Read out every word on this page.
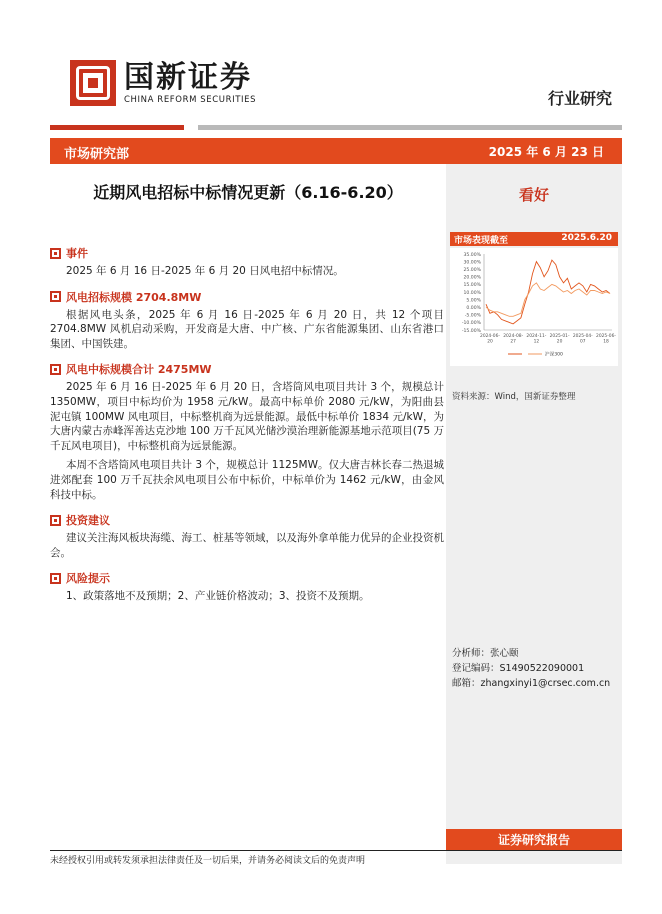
国新证券
CHINA REFORM SECURITIES	行业研究
市场研究部	2025 年 6 月 23 日
近期风电招标中标情况更新（6.16-6.20）	看好
市场表现截至	2025.6.20
35.00%
30.00%
25.00%
20.00%
15.00%
10.00%
5.00%
0.00%
-5.00%
-10.00%
-15.00%
2024-06-20
2024-08-27
2024-11-12
2025-01-20
2025-04-07
2025-06-18
沪深300
资料来源：Wind，国新证券整理
分析师：张心颐
登记编码：S1490522090001
邮箱：zhangxinyi1@crsec.com.cn
证券研究报告
事件

2025 年 6 月 16 日-2025 年 6 月 20 日风电招中标情况。

风电招标规模 2704.8MW

根据风电头条，2025 年 6 月 16 日-2025 年 6 月 20 日，共 12 个项目 2704.8MW 风机启动采购，开发商是大唐、中广核、广东省能源集团、山东省港口集团、中国铁建。

风电中标规模合计 2475MW

2025 年 6 月 16 日-2025 年 6 月 20 日，含塔筒风电项目共计 3 个，规模总计 1350MW，项目中标均价为 1958 元/kW。最高中标单价 2080 元/kW，为阳曲县泥屯镇 100MW 风电项目，中标整机商为远景能源。最低中标单价 1834 元/kW，为大唐内蒙古赤峰浑善达克沙地 100 万千瓦风光储沙漠治理新能源基地示范项目(75 万千瓦风电项目)，中标整机商为远景能源。

本周不含塔筒风电项目共计 3 个，规模总计 1125MW。仅大唐吉林长春二热退城进郊配套 100 万千瓦扶余风电项目公布中标价，中标单价为 1462 元/kW，由金风科技中标。

投资建议

建议关注海风板块海缆、海工、桩基等领域，以及海外拿单能力优异的企业投资机会。

风险提示

1、政策落地不及预期；2、产业链价格波动；3、投资不及预期。

未经授权引用或转发须承担法律责任及一切后果，并请务必阅读文后的免责声明
